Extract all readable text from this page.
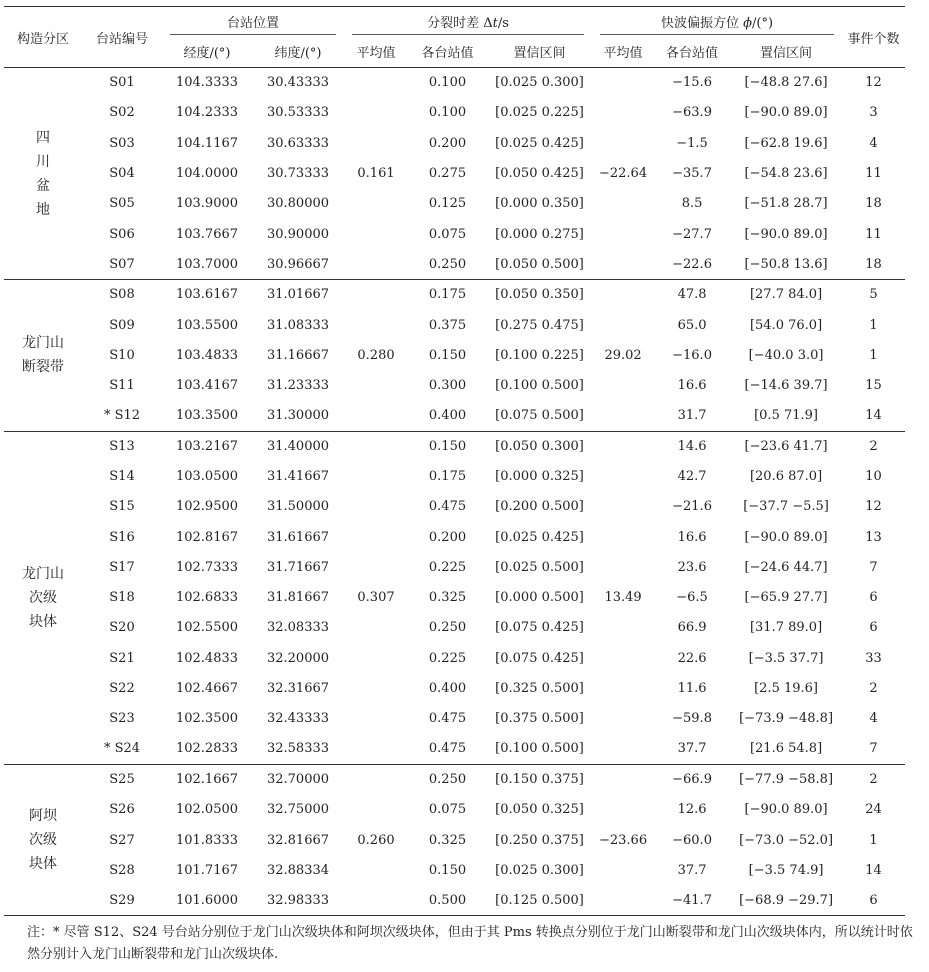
构造分区	台站编号	台站位置		分裂时差 Δt/s			快波偏振方位 ϕ/(°)			事件个数
		经度/(°)	纬度/(°)	平均值	各台站值	置信区间	平均值	各台站值	置信区间	

四
川
盆
地	S01	104.3333	30.43333	0.161	0.100	[0.025 0.300]	−22.64	−15.6	[−48.8 27.6]	12
	S02	104.2333	30.53333		0.100	[0.025 0.225]		−63.9	[−90.0 89.0]	3
	S03	104.1167	30.63333		0.200	[0.025 0.425]		−1.5	[−62.8 19.6]	4
	S04	104.0000	30.73333		0.275	[0.050 0.425]		−35.7	[−54.8 23.6]	11
	S05	103.9000	30.80000		0.125	[0.000 0.350]		8.5	[−51.8 28.7]	18
	S06	103.7667	30.90000		0.075	[0.000 0.275]		−27.7	[−90.0 89.0]	11
	S07	103.7000	30.96667		0.250	[0.050 0.500]		−22.6	[−50.8 13.6]	18

龙门山
断裂带	S08	103.6167	31.01667	0.280	0.175	[0.050 0.350]	29.02	47.8	[27.7 84.0]	5
	S09	103.5500	31.08333		0.375	[0.275 0.475]		65.0	[54.0 76.0]	1
	S10	103.4833	31.16667		0.150	[0.100 0.225]		−16.0	[−40.0 3.0]	1
	S11	103.4167	31.23333		0.300	[0.100 0.500]		16.6	[−14.6 39.7]	15
	* S12	103.3500	31.30000		0.400	[0.075 0.500]		31.7	[0.5 71.9]	14

龙门山
次级
块体	S13	103.2167	31.40000	0.307	0.150	[0.050 0.300]	13.49	14.6	[−23.6 41.7]	2
	S14	103.0500	31.41667		0.175	[0.000 0.325]		42.7	[20.6 87.0]	10
	S15	102.9500	31.50000		0.475	[0.200 0.500]		−21.6	[−37.7 −5.5]	12
	S16	102.8167	31.61667		0.200	[0.025 0.425]		16.6	[−90.0 89.0]	13
	S17	102.7333	31.71667		0.225	[0.025 0.500]		23.6	[−24.6 44.7]	7
	S18	102.6833	31.81667		0.325	[0.000 0.500]		−6.5	[−65.9 27.7]	6
	S20	102.5500	32.08333		0.250	[0.075 0.425]		66.9	[31.7 89.0]	6
	S21	102.4833	32.20000		0.225	[0.075 0.425]		22.6	[−3.5 37.7]	33
	S22	102.4667	32.31667		0.400	[0.325 0.500]		11.6	[2.5 19.6]	2
	S23	102.3500	32.43333		0.475	[0.375 0.500]		−59.8	[−73.9 −48.8]	4
	* S24	102.2833	32.58333		0.475	[0.100 0.500]		37.7	[21.6 54.8]	7

阿坝
次级
块体	S25	102.1667	32.70000	0.260	0.250	[0.150 0.375]	−23.66	−66.9	[−77.9 −58.8]	2
	S26	102.0500	32.75000		0.075	[0.050 0.325]		12.6	[−90.0 89.0]	24
	S27	101.8333	32.81667		0.325	[0.250 0.375]		−60.0	[−73.0 −52.0]	1
	S28	101.7167	32.88334		0.150	[0.025 0.300]		37.7	[−3.5 74.9]	14
	S29	101.6000	32.98333		0.500	[0.125 0.500]		−41.7	[−68.9 −29.7]	6
注：* 尽管 S12、S24 号台站分别位于龙门山次级块体和阿坝次级块体，但由于其 Pms 转换点分别位于龙门山断裂带和龙门山次级块体内，所以统计时依然分别计入龙门山断裂带和龙门山次级块体.
